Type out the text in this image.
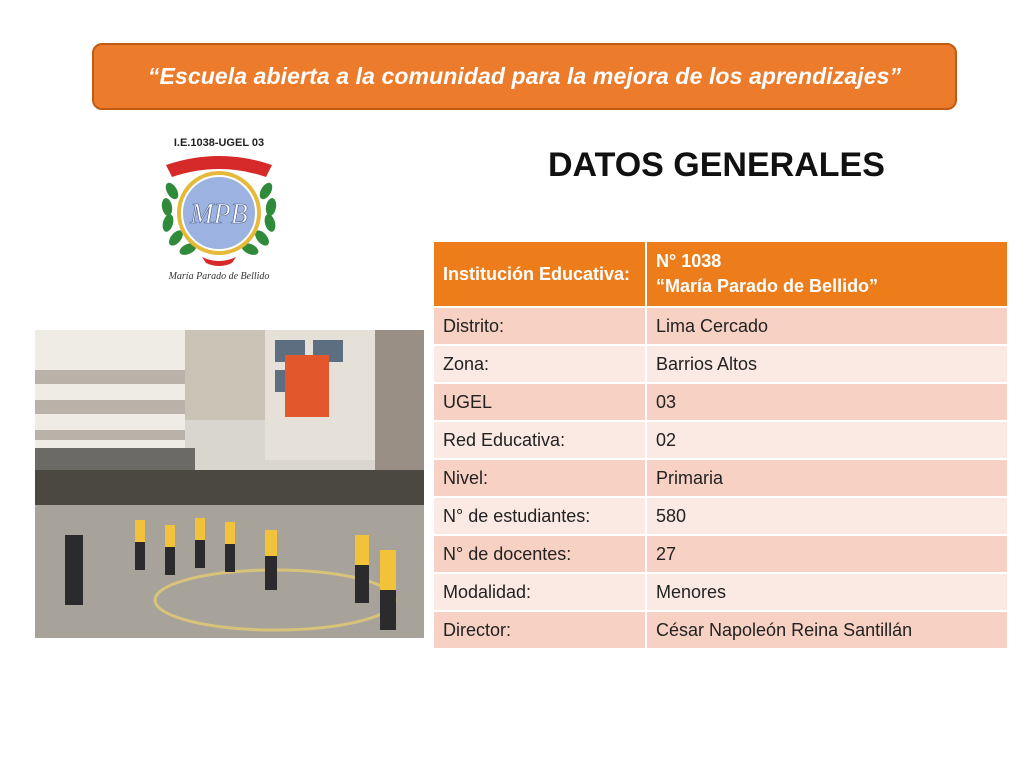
“Escuela abierta a la comunidad para la mejora de los aprendizajes”
I.E.1038-UGEL 03
MPB
María Parado de Bellido
DATOS GENERALES
Institución Educativa:	N° 1038
“María Parado de Bellido”

Distrito:	Lima Cercado
Zona:	Barrios Altos
UGEL	03
Red Educativa:	02
Nivel:	Primaria
N° de estudiantes:	580
N° de docentes:	27
Modalidad:	Menores
Director:	César Napoleón Reina Santillán
